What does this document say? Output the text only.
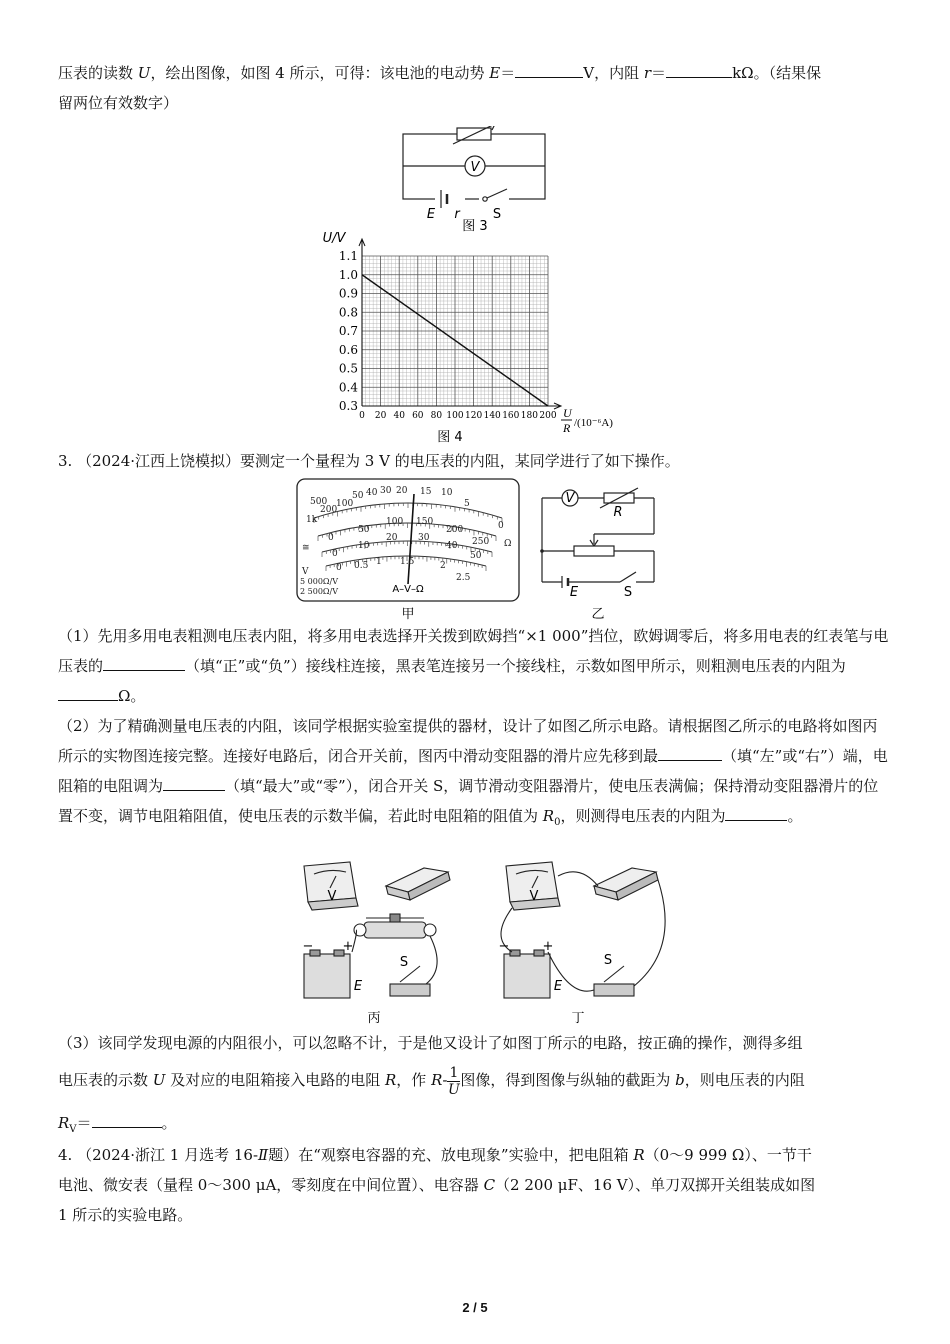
压表的读数 U，绘出图像，如图 4 所示，可得：该电池的电动势 E＝	V，内阻 r＝	kΩ。（结果保
留两位有效数字）
V
E r	S
图 3
0.3
0.4
0.5
0.6
0.7
0.8
0.9
1.0
1.1
0 20 40 60 80 100 120 140 160 180 200
U/V
U
R /(10⁻⁶A)
图 4
3. （2024·江西上饶模拟）要测定一个量程为 3 V 的电压表的内阻，某同学进行了如下操作。
500
1k
200
100
50 40 30 20 15 10
5
0
Ω
0
50
100 150
200
250
0
10
20 30
40
50
0 0.5 1 1.5	2
2.5
≅
V
5 000Ω/V
2 500Ω/V	A–V–Ω
甲
V
R
E	S
乙
（1）先用多用电表粗测电压表内阻，将多用电表选择开关拨到欧姆挡“×1 000”挡位，欧姆调零后，将多用电表的红表笔与电压表的	（填“正”或“负”）接线柱连接，黑表笔连接另一个接线柱，示数如图甲所示，则粗测电压表的内阻为Ω。
（2）为了精确测量电压表的内阻，该同学根据实验室提供的器材，设计了如图乙所示电路。请根据图乙所示的电路将如图丙所示的实物图连接完整。连接好电路后，闭合开关前，图丙中滑动变阻器的滑片应先移到最	（填“左”或“右”）端，电阻箱的电阻调为	（填“最大”或“零”），闭合开关 S，调节滑动变阻器滑片，使电压表满偏；保持滑动变阻器滑片的位置不变，调节电阻箱阻值，使电压表的示数半偏，若此时电阻箱的阻值为 $R_0$，则测得电压表的内阻为	。
V
− +
E
S
丙
V
−	+
E
S
丁
（3）该同学发现电源的内阻很小，可以忽略不计，于是他又设计了如图丁所示的电路，按正确的操作，测得多组
电压表的示数 U 及对应的电阻箱接入电路的电阻 R，作 $R- \frac{1}{U}$ 图像，得到图像与纵轴的截距为 b，则电压表的内阻
$R_V=$	。
4. （2024·浙江 1 月选考 16-Ⅱ题）在“观察电容器的充、放电现象”实验中，把电阻箱 R（0～9 999 Ω）、一节干
电池、微安表（量程 0～300 μA，零刻度在中间位置）、电容器 C（2 200 μF、16 V）、单刀双掷开关组装成如图
1 所示的实验电路。
2 / 5
